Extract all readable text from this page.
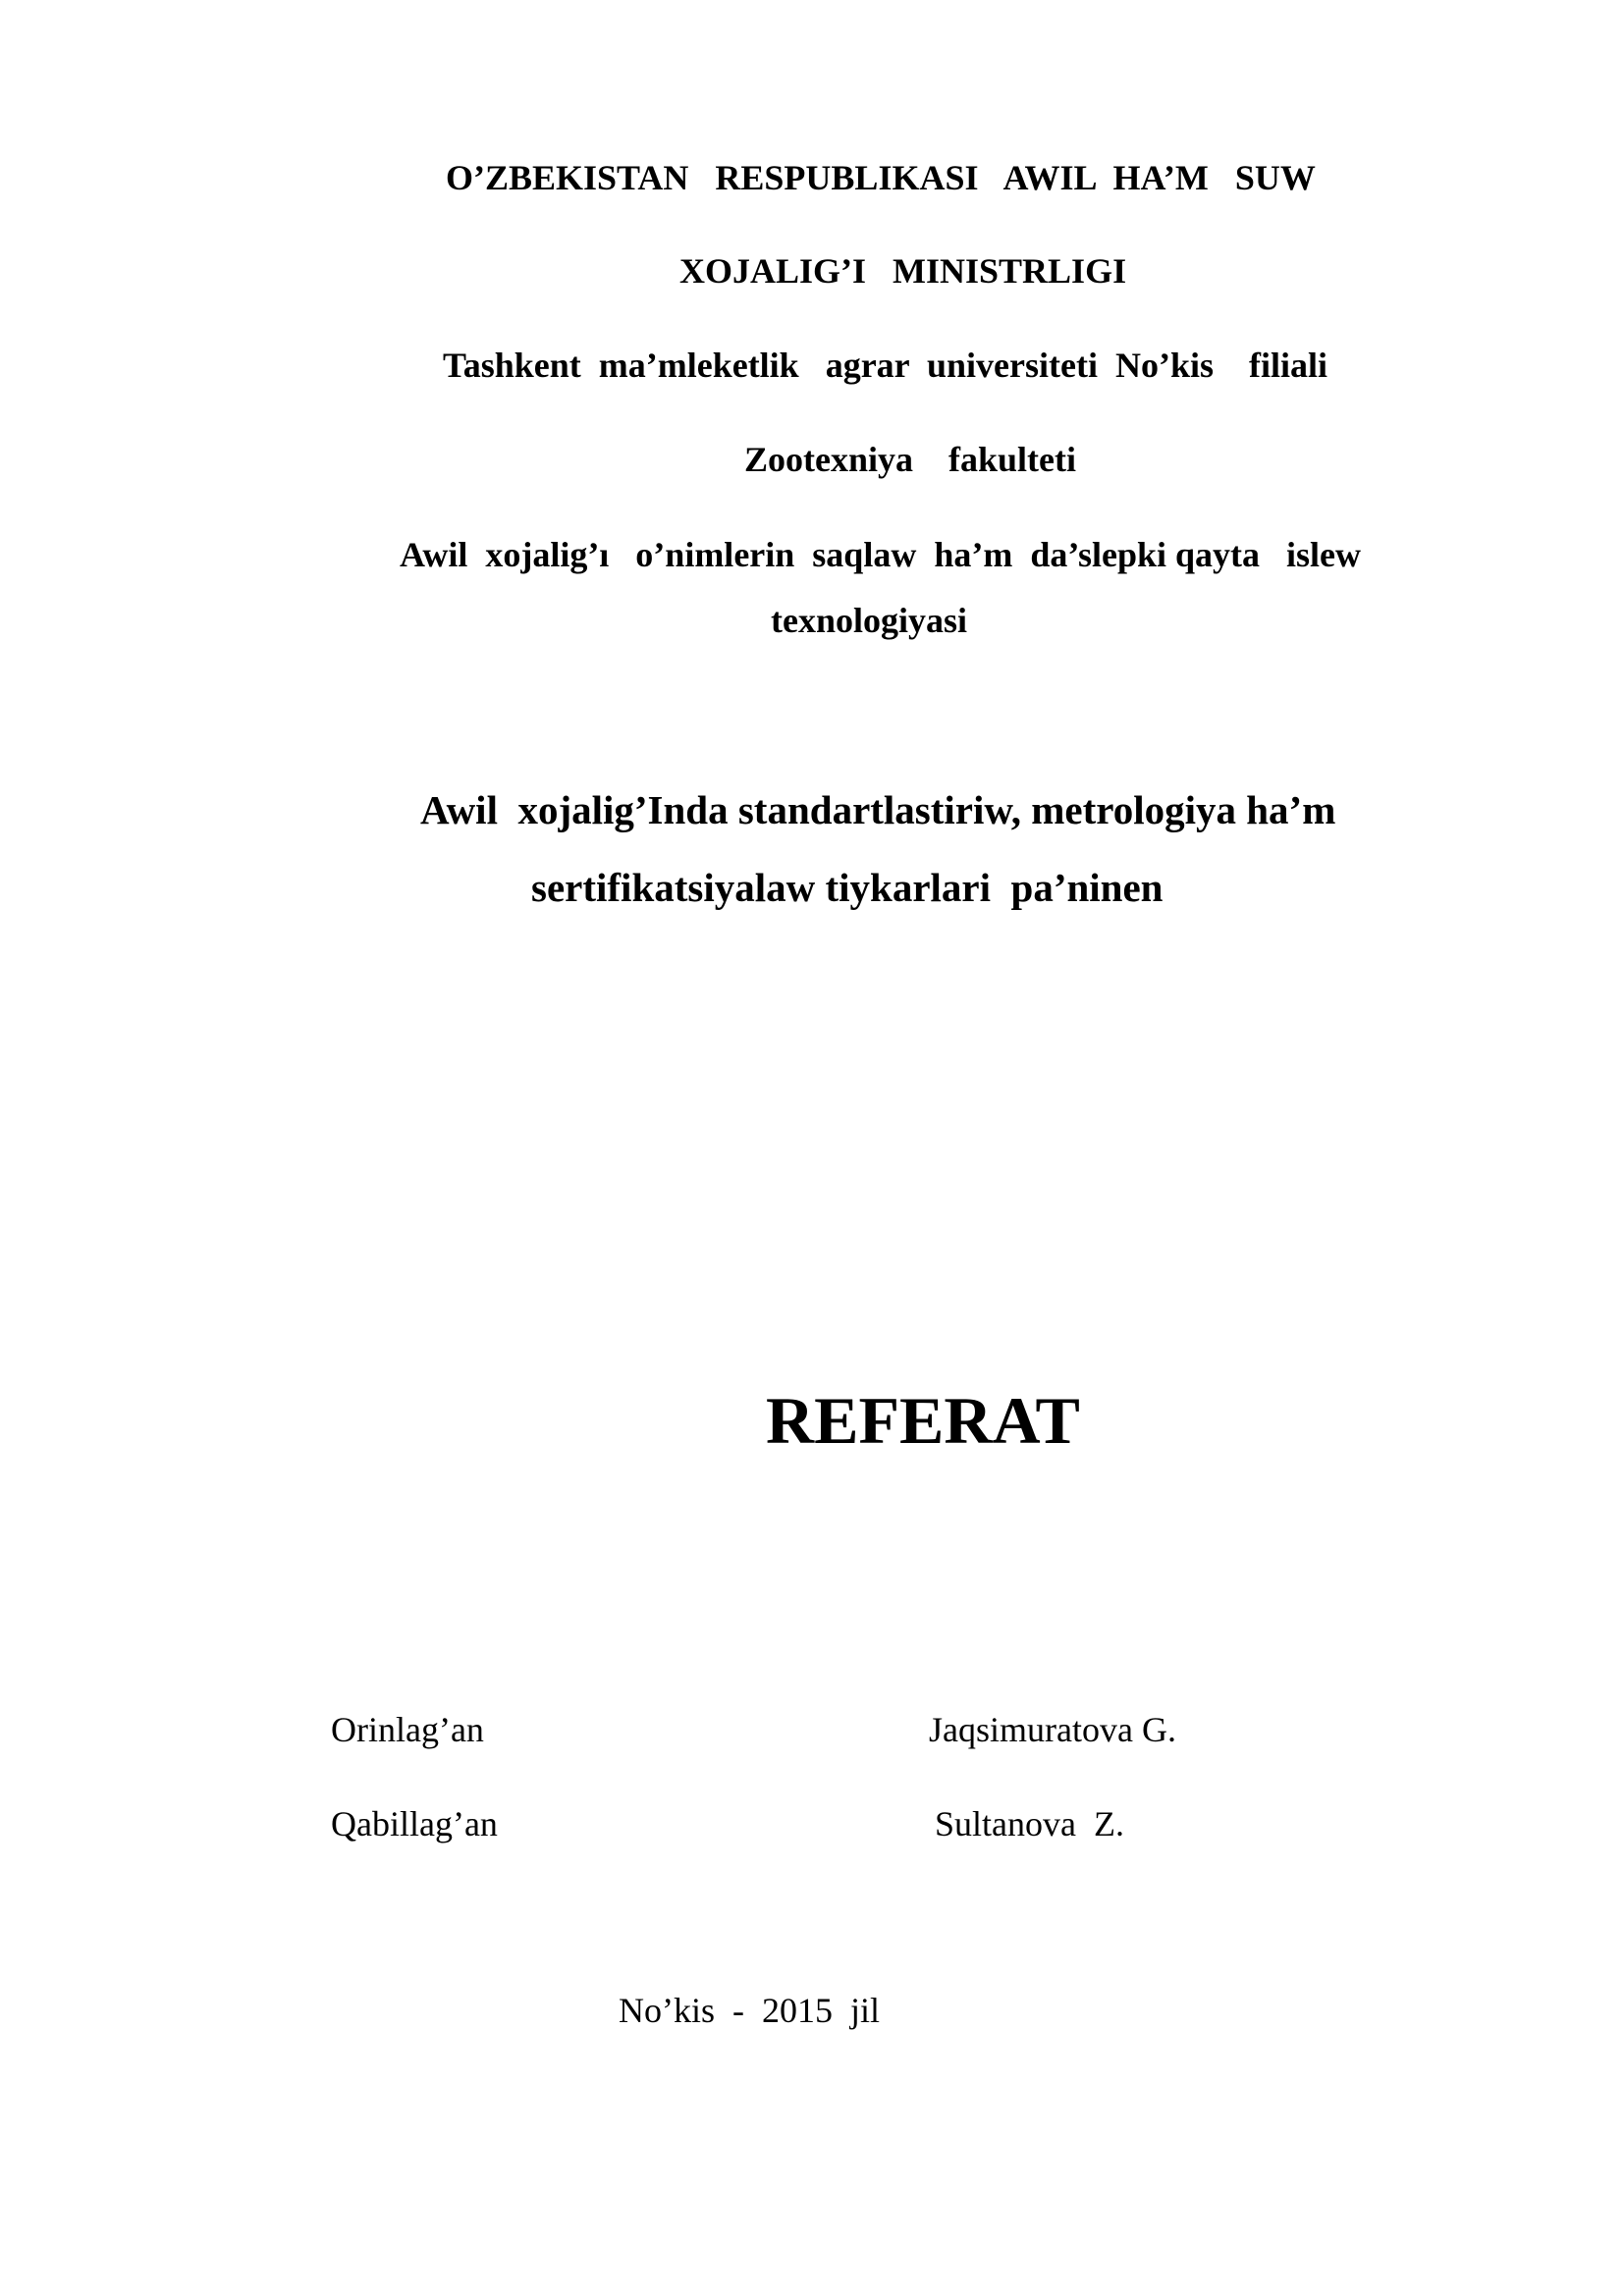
O’ZBEKISTAN   RESPUBLIKASI   AWIL  HA’M   SUW
XOJALIG’I   MINISTRLIGI
Tashkent  ma’mleketlik   agrar  universiteti  No’kis    filiali
Zootexniya    fakulteti
Awil  xojalig’ı   o’nimlerin  saqlaw  ha’m  da’slepki qayta   islew
texnologiyasi
Awil  xojalig’Inda standartlastiriw, metrologiya ha’m
sertifikatsiyalaw tiykarlari  pa’ninen
REFERAT
Orinlag’an	Jaqsimuratova G.
Qabillag’an	Sultanova  Z.
No’kis  -  2015  jil
